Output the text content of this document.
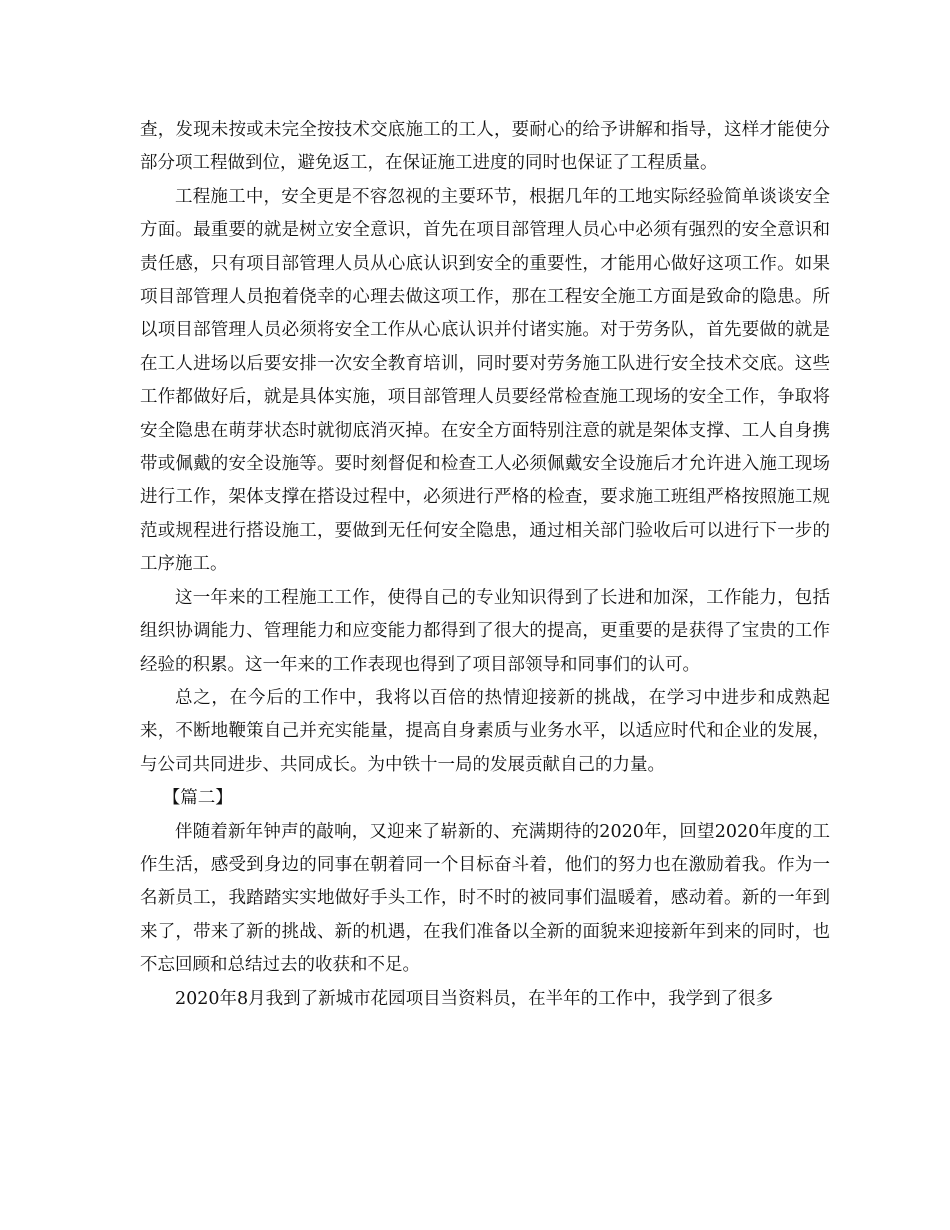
查，发现未按或未完全按技术交底施工的工人，要耐心的给予讲解和指导，这样才能使分部分项工程做到位，避免返工，在保证施工进度的同时也保证了工程质量。

工程施工中，安全更是不容忽视的主要环节，根据几年的工地实际经验简单谈谈安全方面。最重要的就是树立安全意识，首先在项目部管理人员心中必须有强烈的安全意识和责任感，只有项目部管理人员从心底认识到安全的重要性，才能用心做好这项工作。如果项目部管理人员抱着侥幸的心理去做这项工作，那在工程安全施工方面是致命的隐患。所以项目部管理人员必须将安全工作从心底认识并付诸实施。对于劳务队，首先要做的就是在工人进场以后要安排一次安全教育培训，同时要对劳务施工队进行安全技术交底。这些工作都做好后，就是具体实施，项目部管理人员要经常检查施工现场的安全工作，争取将安全隐患在萌芽状态时就彻底消灭掉。在安全方面特别注意的就是架体支撑、工人自身携带或佩戴的安全设施等。要时刻督促和检查工人必须佩戴安全设施后才允许进入施工现场进行工作，架体支撑在搭设过程中，必须进行严格的检查，要求施工班组严格按照施工规范或规程进行搭设施工，要做到无任何安全隐患，通过相关部门验收后可以进行下一步的工序施工。

这一年来的工程施工工作，使得自己的专业知识得到了长进和加深，工作能力，包括组织协调能力、管理能力和应变能力都得到了很大的提高，更重要的是获得了宝贵的工作经验的积累。这一年来的工作表现也得到了项目部领导和同事们的认可。

总之，在今后的工作中，我将以百倍的热情迎接新的挑战，在学习中进步和成熟起来，不断地鞭策自己并充实能量，提高自身素质与业务水平，以适应时代和企业的发展，与公司共同进步、共同成长。为中铁十一局的发展贡献自己的力量。

【篇二】

伴随着新年钟声的敲响，又迎来了崭新的、充满期待的2020年，回望2020年度的工作生活，感受到身边的同事在朝着同一个目标奋斗着，他们的努力也在激励着我。作为一名新员工，我踏踏实实地做好手头工作，时不时的被同事们温暖着，感动着。新的一年到来了，带来了新的挑战、新的机遇，在我们准备以全新的面貌来迎接新年到来的同时，也不忘回顾和总结过去的收获和不足。

2020年8月我到了新城市花园项目当资料员，在半年的工作中，我学到了很多
